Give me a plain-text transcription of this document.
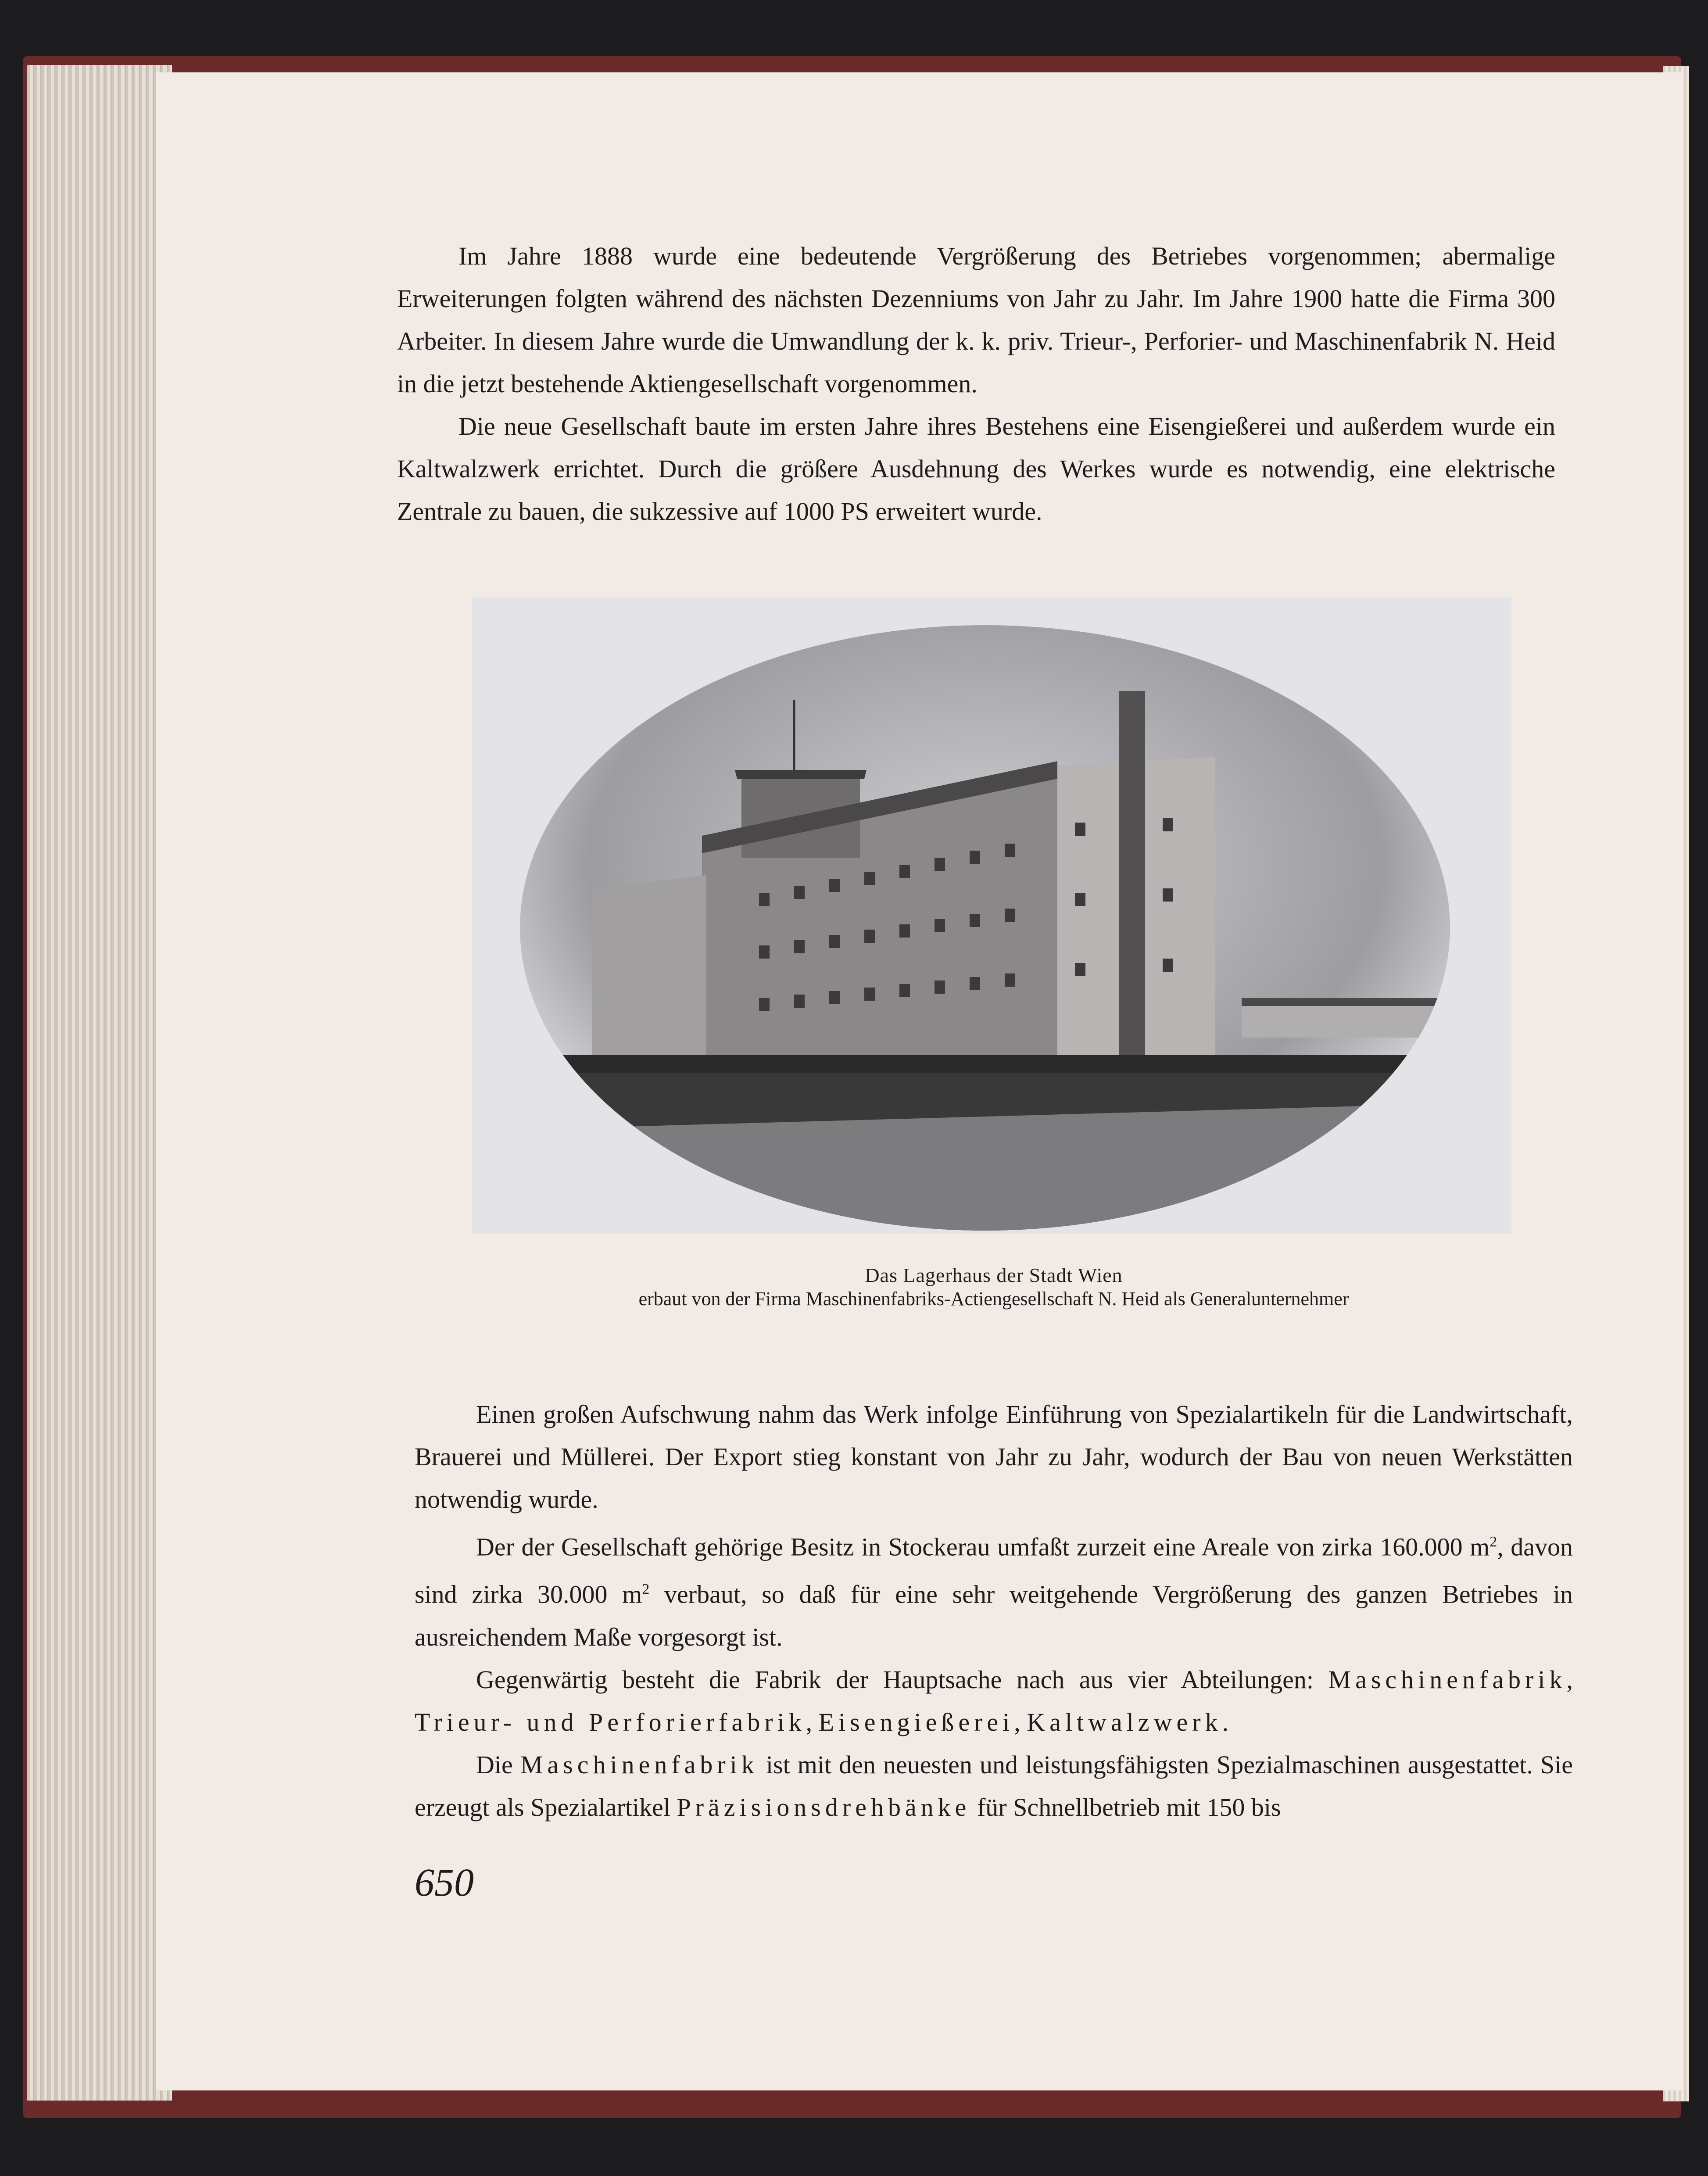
Im Jahre 1888 wurde eine bedeutende Vergrößerung des Betriebes vorgenommen; abermalige Erweiterungen folgten während des nächsten Dezenniums von Jahr zu Jahr. Im Jahre 1900 hatte die Firma 300 Arbeiter. In diesem Jahre wurde die Umwandlung der k. k. priv. Trieur-, Perforier- und Maschinenfabrik N. Heid in die jetzt bestehende Aktiengesellschaft vorgenommen.

Die neue Gesellschaft baute im ersten Jahre ihres Bestehens eine Eisengießerei und außerdem wurde ein Kaltwalzwerk errichtet. Durch die größere Ausdehnung des Werkes wurde es notwendig, eine elektrische Zentrale zu bauen, die sukzessive auf 1000 PS erweitert wurde.

Das Lagerhaus der Stadt Wien
erbaut von der Firma Maschinenfabriks-Actiengesellschaft N. Heid als Generalunternehmer

Einen großen Aufschwung nahm das Werk infolge Einführung von Spezialartikeln für die Landwirtschaft, Brauerei und Müllerei. Der Export stieg konstant von Jahr zu Jahr, wodurch der Bau von neuen Werkstätten notwendig wurde.

Der der Gesellschaft gehörige Besitz in Stockerau umfaßt zurzeit eine Areale von zirka 160.000 $m^2$, davon sind zirka 30.000 $m^2$ verbaut, so daß für eine sehr weitgehende Vergrößerung des ganzen Betriebes in ausreichendem Maße vorgesorgt ist.

Gegenwärtig besteht die Fabrik der Hauptsache nach aus vier Abteilungen: Maschinenfabrik, Trieur- und Perforierfabrik, Eisengießerei, Kaltwalzwerk.

Die Maschinenfabrik ist mit den neuesten und leistungsfähigsten Spezialmaschinen ausgestattet. Sie erzeugt als Spezialartikel Präzisionsdrehbänke für Schnellbetrieb mit 150 bis

650
